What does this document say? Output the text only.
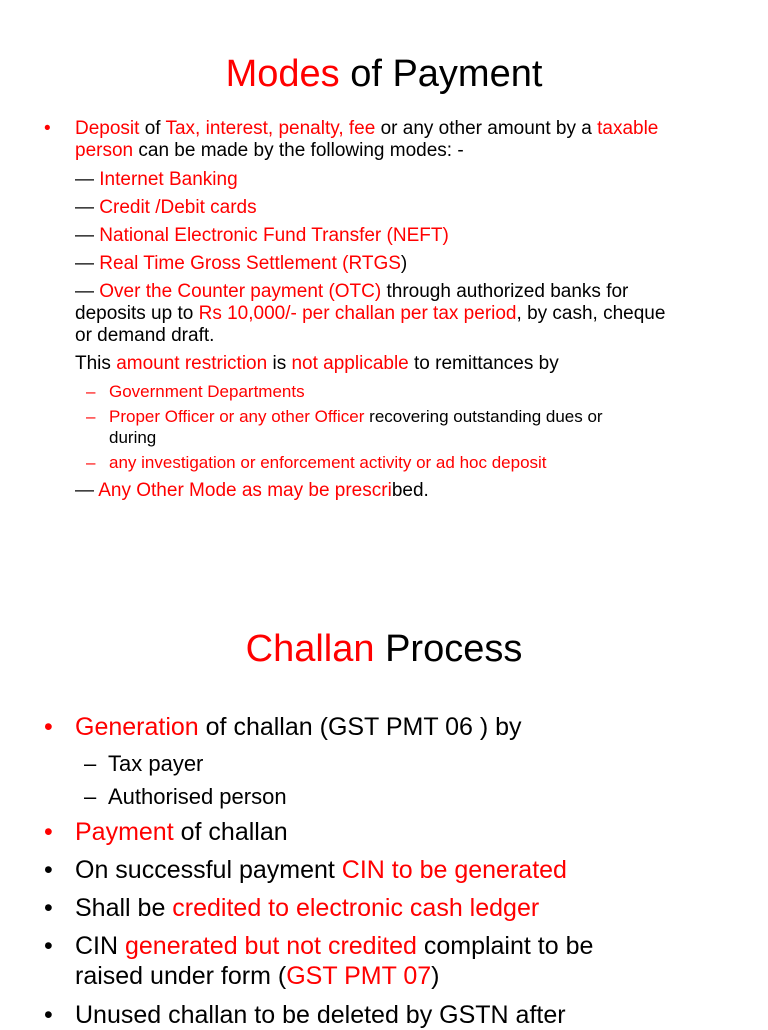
Modes of Payment
• Deposit of Tax, interest, penalty, fee or any other amount by a taxable
person can be made by the following modes: -
— Internet Banking
— Credit /Debit cards
— National Electronic Fund Transfer (NEFT)
— Real Time Gross Settlement (RTGS)
— Over the Counter payment (OTC) through authorized banks for
deposits up to Rs 10,000/- per challan per tax period, by cash, cheque
or demand draft.
This amount restriction is not applicable to remittances by
– Government Departments
– Proper Officer or any other Officer recovering outstanding dues or
during
– any investigation or enforcement activity or ad hoc deposit
— Any Other Mode as may be prescribed.
Challan Process
• Generation of challan (GST PMT 06 ) by
– Tax payer
– Authorised person
• Payment of challan
• On successful payment CIN to be generated
• Shall be credited to electronic cash ledger
• CIN generated but not credited complaint to be
raised under form (GST PMT 07)
• Unused challan to be deleted by GSTN after
